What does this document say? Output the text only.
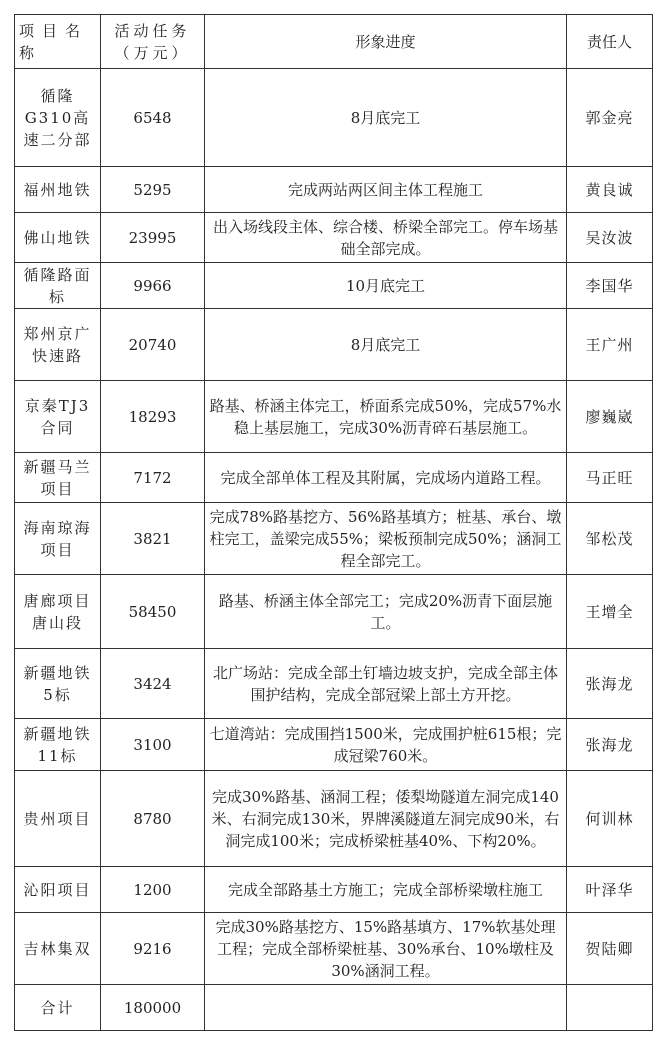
项目名称	活动任务（万元）	形象进度	责任人
循隆G310高速二分部	6548	8月底完工	郭金亮
福州地铁	5295	完成两站两区间主体工程施工	黄良诚
佛山地铁	23995	出入场线段主体、综合楼、桥梁全部完工。停车场基础全部完成。	吴汝波
循隆路面标	9966	10月底完工	李国华
郑州京广快速路	20740	8月底完工	王广州
京秦TJ3合同	18293	路基、桥涵主体完工，桥面系完成50%，完成57%水稳上基层施工，完成30%沥青碎石基层施工。	廖巍崴
新疆马兰项目	7172	完成全部单体工程及其附属，完成场内道路工程。	马正旺
海南琼海项目	3821	完成78%路基挖方、56%路基填方；桩基、承台、墩柱完工，盖梁完成55%；梁板预制完成50%；涵洞工程全部完工。	邹松茂
唐廊项目唐山段	58450	路基、桥涵主体全部完工；完成20%沥青下面层施工。	王增全
新疆地铁5标	3424	北广场站：完成全部土钉墙边坡支护，完成全部主体围护结构，完成全部冠梁上部土方开挖。	张海龙
新疆地铁11标	3100	七道湾站：完成围挡1500米，完成围护桩615根；完成冠梁760米。	张海龙
贵州项目	8780	完成30%路基、涵洞工程；倭梨坳隧道左洞完成140米、右洞完成130米，界牌溪隧道左洞完成90米，右洞完成100米；完成桥梁桩基40%、下构20%。	何训林
沁阳项目	1200	完成全部路基土方施工；完成全部桥梁墩柱施工	叶泽华
吉林集双	9216	完成30%路基挖方、15%路基填方、17%软基处理工程；完成全部桥梁桩基、30%承台、10%墩柱及30%涵洞工程。	贺陆卿
合计	180000		
